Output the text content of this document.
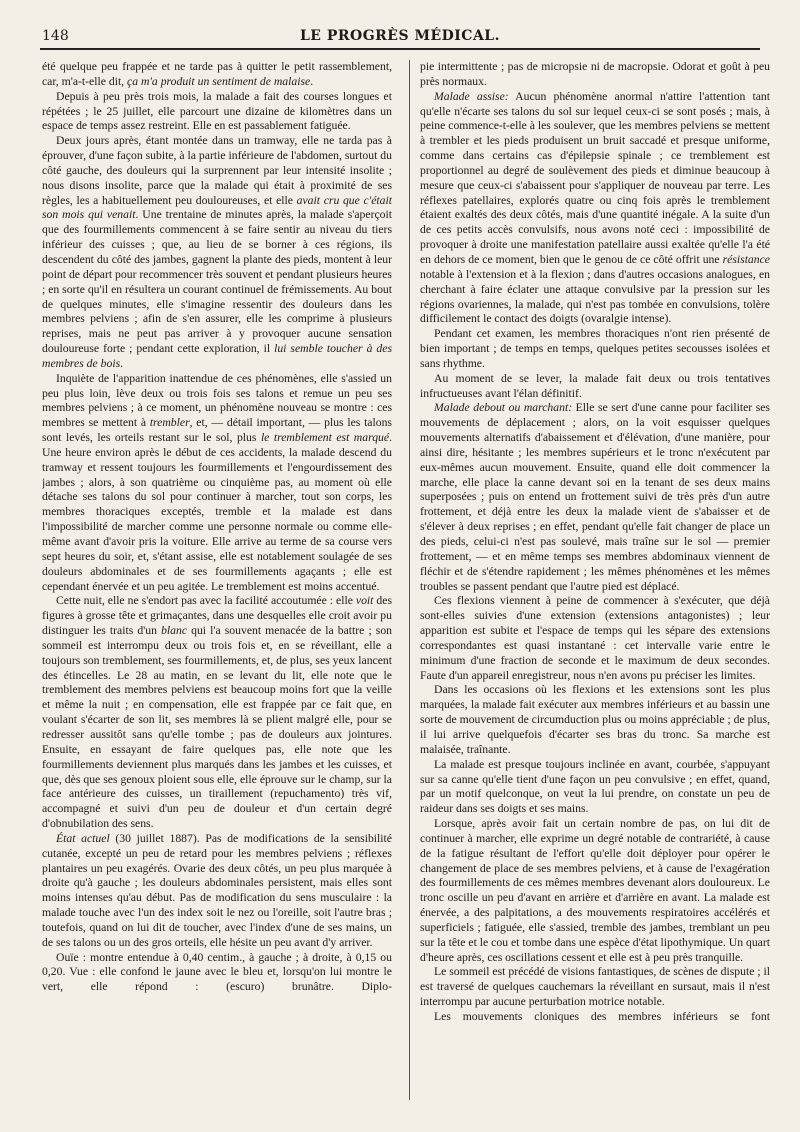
148	LE PROGRÈS MÉDICAL.

été quelque peu frappée et ne tarde pas à quitter le petit rassemblement, car, m'a-t-elle dit, ça m'a produit un sentiment de malaise.

Depuis à peu près trois mois, la malade a fait des courses longues et répétées ; le 25 juillet, elle parcourt une dizaine de kilomètres dans un espace de temps assez restreint. Elle en est passablement fatiguée.

Deux jours après, étant montée dans un tramway, elle ne tarda pas à éprouver, d'une façon subite, à la partie inférieure de l'abdomen, surtout du côté gauche, des douleurs qui la surprennent par leur intensité insolite ; nous disons insolite, parce que la malade qui était à proximité de ses règles, les a habituellement peu douloureuses, et elle avait cru que c'était son mois qui venait. Une trentaine de minutes après, la malade s'aperçoit que des fourmillements commencent à se faire sentir au niveau du tiers inférieur des cuisses ; que, au lieu de se borner à ces régions, ils descendent du côté des jambes, gagnent la plante des pieds, montent à leur point de départ pour recommencer très souvent et pendant plusieurs heures ; en sorte qu'il en résultera un courant continuel de frémissements. Au bout de quelques minutes, elle s'imagine ressentir des douleurs dans les membres pelviens ; afin de s'en assurer, elle les comprime à plusieurs reprises, mais ne peut pas arriver à y provoquer aucune sensation douloureuse forte ; pendant cette exploration, il lui semble toucher à des membres de bois.

Inquiète de l'apparition inattendue de ces phénomènes, elle s'assied un peu plus loin, lève deux ou trois fois ses talons et remue un peu ses membres pelviens ; à ce moment, un phénomène nouveau se montre : ces membres se mettent à trembler, et, — détail important, — plus les talons sont levés, les orteils restant sur le sol, plus le tremblement est marqué. Une heure environ après le début de ces accidents, la malade descend du tramway et ressent toujours les fourmillements et l'engourdissement des jambes ; alors, à son quatrième ou cinquième pas, au moment où elle détache ses talons du sol pour continuer à marcher, tout son corps, les membres thoraciques exceptés, tremble et la malade est dans l'impossibilité de marcher comme une personne normale ou comme elle-même avant d'avoir pris la voiture. Elle arrive au terme de sa course vers sept heures du soir, et, s'étant assise, elle est notablement soulagée de ses douleurs abdominales et de ses fourmillements agaçants ; elle est cependant énervée et un peu agitée. Le tremblement est moins accentué.

Cette nuit, elle ne s'endort pas avec la facilité accoutumée : elle voit des figures à grosse tête et grimaçantes, dans une desquelles elle croit avoir pu distinguer les traits d'un blanc qui l'a souvent menacée de la battre ; son sommeil est interrompu deux ou trois fois et, en se réveillant, elle a toujours son tremblement, ses fourmillements, et, de plus, ses yeux lancent des étincelles. Le 28 au matin, en se levant du lit, elle note que le tremblement des membres pelviens est beaucoup moins fort que la veille et même la nuit ; en compensation, elle est frappée par ce fait que, en voulant s'écarter de son lit, ses membres là se plient malgré elle, pour se redresser aussitôt sans qu'elle tombe ; pas de douleurs aux jointures. Ensuite, en essayant de faire quelques pas, elle note que les fourmillements deviennent plus marqués dans les jambes et les cuisses, et que, dès que ses genoux ploient sous elle, elle éprouve sur le champ, sur la face antérieure des cuisses, un tiraillement (repuchamento) très vif, accompagné et suivi d'un peu de douleur et d'un certain degré d'obnubilation des sens.

État actuel (30 juillet 1887). Pas de modifications de la sensibilité cutanée, excepté un peu de retard pour les membres pelviens ; réflexes plantaires un peu exagérés. Ovarie des deux côtés, un peu plus marquée à droite qu'à gauche ; les douleurs abdominales persistent, mais elles sont moins intenses qu'au début. Pas de modification du sens musculaire : la malade touche avec l'un des index soit le nez ou l'oreille, soit l'autre bras ; toutefois, quand on lui dit de toucher, avec l'index d'une de ses mains, un de ses talons ou un des gros orteils, elle hésite un peu avant d'y arriver.

Ouïe : montre entendue à 0,40 centim., à gauche ; à droite, à 0,15 ou 0,20. Vue : elle confond le jaune avec le bleu et, lorsqu'on lui montre le vert, elle répond : (escuro) brunâtre. Diplo-

pie intermittente ; pas de micropsie ni de macropsie. Odorat et goût à peu près normaux.

Malade assise: Aucun phénomène anormal n'attire l'attention tant qu'elle n'écarte ses talons du sol sur lequel ceux-ci se sont posés ; mais, à peine commence-t-elle à les soulever, que les membres pelviens se mettent à trembler et les pieds produisent un bruit saccadé et presque uniforme, comme dans certains cas d'épilepsie spinale ; ce tremblement est proportionnel au degré de soulèvement des pieds et diminue beaucoup à mesure que ceux-ci s'abaissent pour s'appliquer de nouveau par terre. Les réflexes patellaires, explorés quatre ou cinq fois après le tremblement étaient exaltés des deux côtés, mais d'une quantité inégale. A la suite d'un de ces petits accès convulsifs, nous avons noté ceci : impossibilité de provoquer à droite une manifestation patellaire aussi exaltée qu'elle l'a été en dehors de ce moment, bien que le genou de ce côté offrit une résistance notable à l'extension et à la flexion ; dans d'autres occasions analogues, en cherchant à faire éclater une attaque convulsive par la pression sur les régions ovariennes, la malade, qui n'est pas tombée en convulsions, tolère difficilement le contact des doigts (ovaralgie intense).

Pendant cet examen, les membres thoraciques n'ont rien présenté de bien important ; de temps en temps, quelques petites secousses isolées et sans rhythme.

Au moment de se lever, la malade fait deux ou trois tentatives infructueuses avant l'élan définitif.

Malade debout ou marchant: Elle se sert d'une canne pour faciliter ses mouvements de déplacement ; alors, on la voit esquisser quelques mouvements alternatifs d'abaissement et d'élévation, d'une manière, pour ainsi dire, hésitante ; les membres supérieurs et le tronc n'exécutent par eux-mêmes aucun mouvement. Ensuite, quand elle doit commencer la marche, elle place la canne devant soi en la tenant de ses deux mains superposées ; puis on entend un frottement suivi de très près d'un autre frottement, et déjà entre les deux la malade vient de s'abaisser et de s'élever à deux reprises ; en effet, pendant qu'elle fait changer de place un des pieds, celui-ci n'est pas soulevé, mais traîne sur le sol — premier frottement, — et en même temps ses membres abdominaux viennent de fléchir et de s'étendre rapidement ; les mêmes phénomènes et les mêmes troubles se passent pendant que l'autre pied est déplacé.

Ces flexions viennent à peine de commencer à s'exécuter, que déjà sont-elles suivies d'une extension (extensions antagonistes) ; leur apparition est subite et l'espace de temps qui les sépare des extensions correspondantes est quasi instantané : cet intervalle varie entre le minimum d'une fraction de seconde et le maximum de deux secondes. Faute d'un appareil enregistreur, nous n'en avons pu préciser les limites.

Dans les occasions où les flexions et les extensions sont les plus marquées, la malade fait exécuter aux membres inférieurs et au bassin une sorte de mouvement de circumduction plus ou moins appréciable ; de plus, il lui arrive quelquefois d'écarter ses bras du tronc. Sa marche est malaisée, traînante.

La malade est presque toujours inclinée en avant, courbée, s'appuyant sur sa canne qu'elle tient d'une façon un peu convulsive ; en effet, quand, par un motif quelconque, on veut la lui prendre, on constate un peu de raideur dans ses doigts et ses mains.

Lorsque, après avoir fait un certain nombre de pas, on lui dit de continuer à marcher, elle exprime un degré notable de contrariété, à cause de la fatigue résultant de l'effort qu'elle doit déployer pour opérer le changement de place de ses membres pelviens, et à cause de l'exagération des fourmillements de ces mêmes membres devenant alors douloureux. Le tronc oscille un peu d'avant en arrière et d'arrière en avant. La malade est énervée, a des palpitations, a des mouvements respiratoires accélérés et superficiels ; fatiguée, elle s'assied, tremble des jambes, tremblant un peu sur la tête et le cou et tombe dans une espèce d'état lipothymique. Un quart d'heure après, ces oscillations cessent et elle est à peu près tranquille.

Le sommeil est précédé de visions fantastiques, de scènes de dispute ; il est traversé de quelques cauchemars la réveillant en sursaut, mais il n'est interrompu par aucune perturbation motrice notable.

Les mouvements cloniques des membres inférieurs se font
